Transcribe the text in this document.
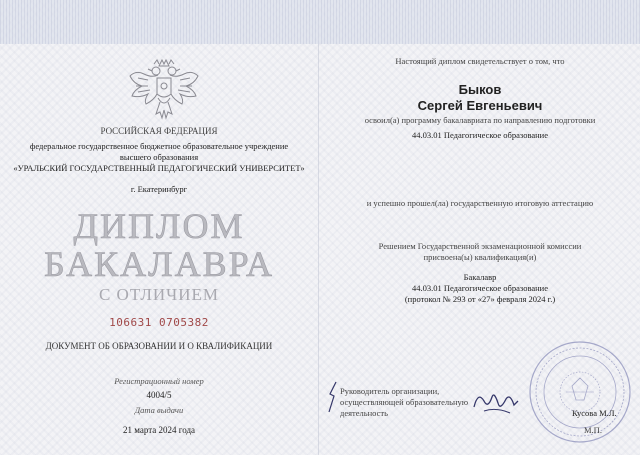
РОССИЙСКАЯ ФЕДЕРАЦИЯ
федеральное государственное бюджетное образовательное учреждение
высшего образования
«УРАЛЬСКИЙ ГОСУДАРСТВЕННЫЙ ПЕДАГОГИЧЕСКИЙ УНИВЕРСИТЕТ»
г. Екатеринбург
ДИПЛОМ
БАКАЛАВРА
С ОТЛИЧИЕМ
106631 0705382
ДОКУМЕНТ ОБ ОБРАЗОВАНИИ И О КВАЛИФИКАЦИИ
Регистрационный номер
4004/5
Дата выдачи
21 марта 2024 года
Настоящий диплом свидетельствует о том, что
Быков
Сергей Евгеньевич
освоил(а) программу бакалавриата по направлению подготовки
44.03.01 Педагогическое образование
и успешно прошел(ла) государственную итоговую аттестацию
Решением Государственной экзаменационной комиссии
присвоена(ы) квалификация(и)
Бакалавр
44.03.01 Педагогическое образование
(протокол № 293 от «27» февраля 2024 г.)
Руководитель организации,
осуществляющей образовательную
деятельность	Кусова М.Л.
М.П.
